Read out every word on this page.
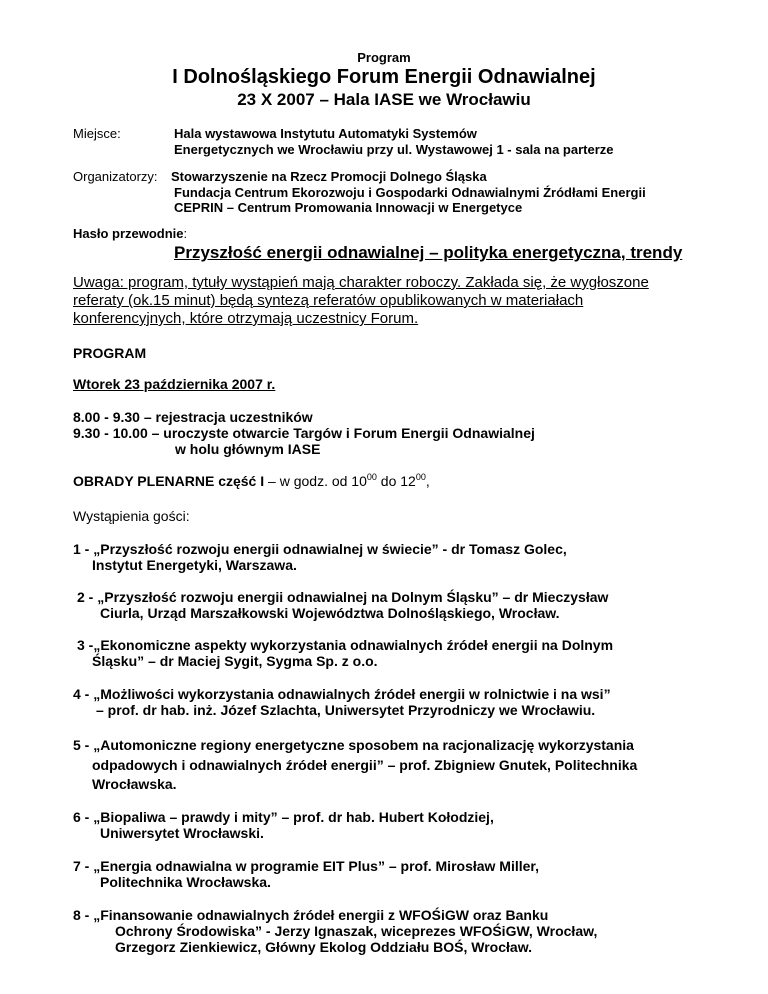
Program
I Dolnośląskiego Forum Energii Odnawialnej
23 X 2007 – Hala IASE we Wrocławiu
Miejsce:	Hala wystawowa Instytutu Automatyki Systemów
Energetycznych we Wrocławiu przy ul. Wystawowej 1 - sala na parterze
Organizatorzy: Stowarzyszenie na Rzecz Promocji Dolnego Śląska
Fundacja Centrum Ekorozwoju i Gospodarki Odnawialnymi Źródłami Energii
CEPRIN – Centrum Promowania Innowacji w Energetyce
Hasło przewodnie:
Przyszłość energii odnawialnej – polityka energetyczna, trendy
Uwaga: program, tytuły wystąpień mają charakter roboczy. Zakłada się, że wygłoszone
referaty (ok.15 minut) będą syntezą referatów opublikowanych w materiałach
konferencyjnych, które otrzymają uczestnicy Forum.
PROGRAM
Wtorek 23 października 2007 r.
8.00 - 9.30 – rejestracja uczestników
9.30 - 10.00 – uroczyste otwarcie Targów i Forum Energii Odnawialnej
w holu głównym IASE
OBRADY PLENARNE część I – w godz. od $10^{00}$ do $12^{00}$,
Wystąpienia gości:
1 - „Przyszłość rozwoju energii odnawialnej w świecie” - dr Tomasz Golec,
Instytut Energetyki, Warszawa.
2 - „Przyszłość rozwoju energii odnawialnej na Dolnym Śląsku” – dr Mieczysław
Ciurla, Urząd Marszałkowski Województwa Dolnośląskiego, Wrocław.
3 -„Ekonomiczne aspekty wykorzystania odnawialnych źródeł energii na Dolnym
Śląsku” – dr Maciej Sygit, Sygma Sp. z o.o.
4 - „Możliwości wykorzystania odnawialnych źródeł energii w rolnictwie i na wsi”
– prof. dr hab. inż. Józef Szlachta, Uniwersytet Przyrodniczy we Wrocławiu.
5 - „Automoniczne regiony energetyczne sposobem na racjonalizację wykorzystania
odpadowych i odnawialnych źródeł energii” – prof. Zbigniew Gnutek, Politechnika
Wrocławska.
6 - „Biopaliwa – prawdy i mity” – prof. dr hab. Hubert Kołodziej,
Uniwersytet Wrocławski.
7 - „Energia odnawialna w programie EIT Plus” – prof. Mirosław Miller,
Politechnika Wrocławska.
8 - „Finansowanie odnawialnych źródeł energii z WFOŚiGW oraz Banku
Ochrony Środowiska” - Jerzy Ignaszak, wiceprezes WFOŚiGW, Wrocław,
Grzegorz Zienkiewicz, Główny Ekolog Oddziału BOŚ, Wrocław.
